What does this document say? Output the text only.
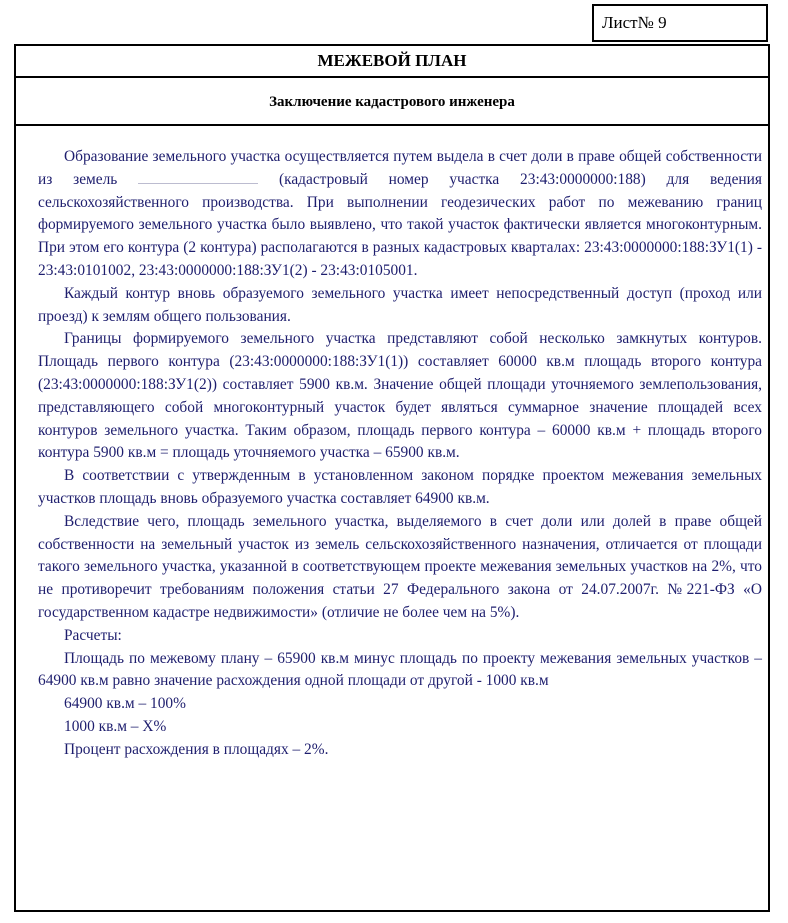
Лист№ 9
МЕЖЕВОЙ ПЛАН
Заключение кадастрового инженера

Образование земельного участка осуществляется путем выдела в счет доли в праве общей собственности из земель	(кадастровый номер участка 23:43:0000000:188) для ведения сельскохозяйственного производства. При выполнении геодезических работ по межеванию границ формируемого земельного участка было выявлено, что такой участок фактически является многоконтурным. При этом его контура (2 контура) располагаются в разных кадастровых кварталах: 23:43:0000000:188:ЗУ1(1) - 23:43:0101002, 23:43:0000000:188:ЗУ1(2) - 23:43:0105001.

Каждый контур вновь образуемого земельного участка имеет непосредственный доступ (проход или проезд) к землям общего пользования.

Границы формируемого земельного участка представляют собой несколько замкнутых контуров. Площадь первого контура (23:43:0000000:188:ЗУ1(1)) составляет 60000 кв.м площадь второго контура (23:43:0000000:188:ЗУ1(2)) составляет 5900 кв.м. Значение общей площади уточняемого землепользования, представляющего собой многоконтурный участок будет являться суммарное значение площадей всех контуров земельного участка. Таким образом, площадь первого контура – 60000 кв.м + площадь второго контура 5900 кв.м = площадь уточняемого участка – 65900 кв.м.

В соответствии с утвержденным в установленном законом порядке проектом межевания земельных участков площадь вновь образуемого участка составляет 64900 кв.м.

Вследствие чего, площадь земельного участка, выделяемого в счет доли или долей в праве общей собственности на земельный участок из земель сельскохозяйственного назначения, отличается от площади такого земельного участка, указанной в соответствующем проекте межевания земельных участков на 2%, что не противоречит требованиям положения статьи 27 Федерального закона от 24.07.2007г. №221-ФЗ «О государственном кадастре недвижимости» (отличие не более чем на 5%).

Расчеты:

Площадь по межевому плану – 65900 кв.м минус площадь по проекту межевания земельных участков – 64900 кв.м равно значение расхождения одной площади от другой - 1000 кв.м

64900 кв.м – 100%

1000 кв.м – Х%

Процент расхождения в площадях – 2%.
